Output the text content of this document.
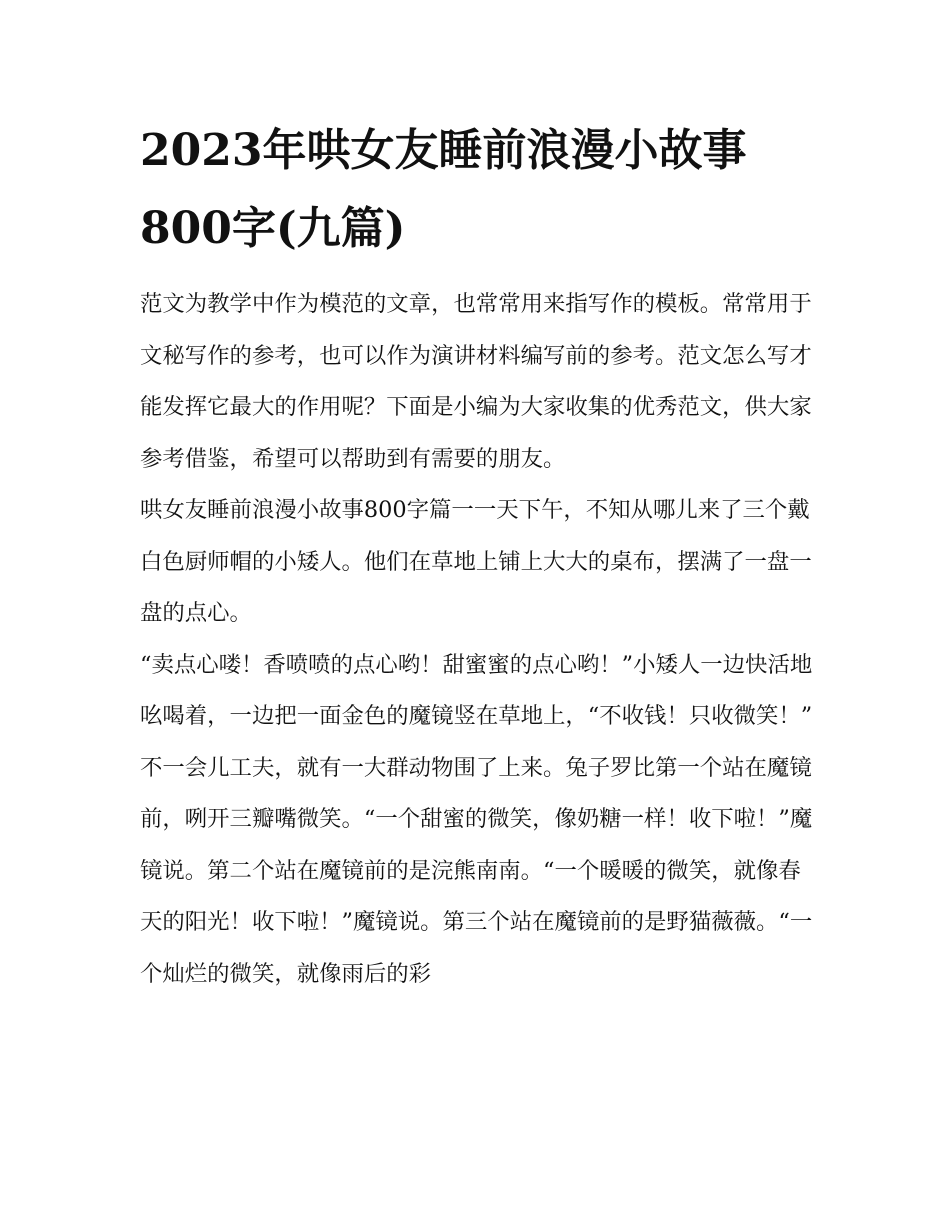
2023年哄女友睡前浪漫小故事800字(九篇)

范文为教学中作为模范的文章，也常常用来指写作的模板。常常用于文秘写作的参考，也可以作为演讲材料编写前的参考。范文怎么写才能发挥它最大的作用呢？下面是小编为大家收集的优秀范文，供大家参考借鉴，希望可以帮助到有需要的朋友。

哄女友睡前浪漫小故事800字篇一一天下午，不知从哪儿来了三个戴白色厨师帽的小矮人。他们在草地上铺上大大的桌布，摆满了一盘一盘的点心。

“卖点心喽！香喷喷的点心哟！甜蜜蜜的点心哟！”小矮人一边快活地吆喝着，一边把一面金色的魔镜竖在草地上，“不收钱！只收微笑！”

不一会儿工夫，就有一大群动物围了上来。兔子罗比第一个站在魔镜前，咧开三瓣嘴微笑。“一个甜蜜的微笑，像奶糖一样！收下啦！”魔镜说。第二个站在魔镜前的是浣熊南南。“一个暖暖的微笑，就像春天的阳光！收下啦！”魔镜说。第三个站在魔镜前的是野猫薇薇。“一个灿烂的微笑，就像雨后的彩
